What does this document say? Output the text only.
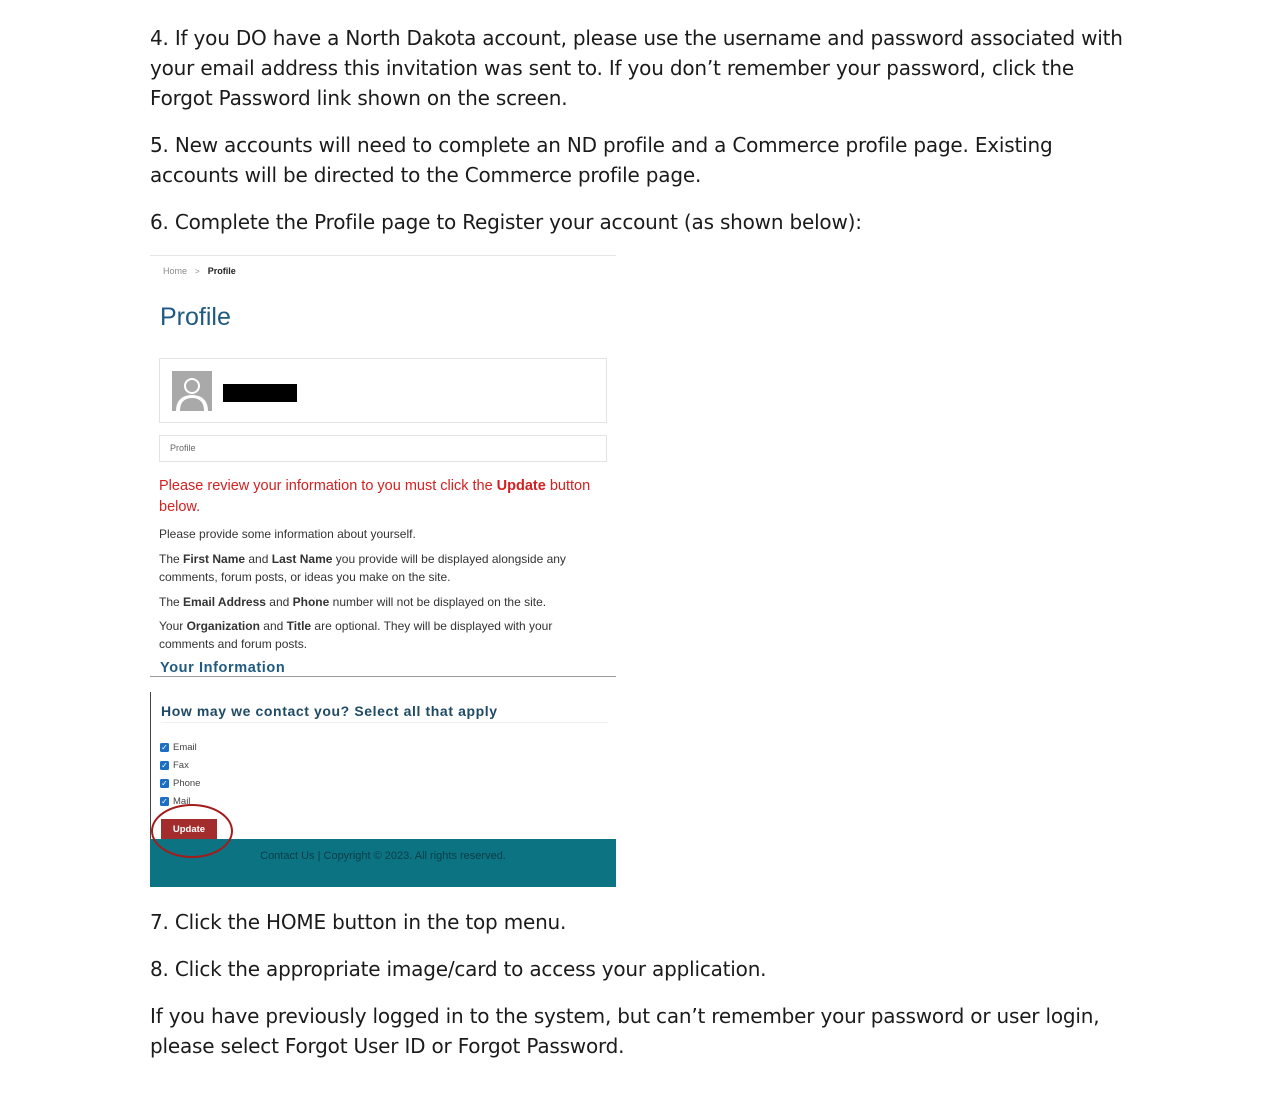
4. If you DO have a North Dakota account, please use the username and password associated with your email address this invitation was sent to. If you don’t remember your password, click the Forgot Password link shown on the screen.

5. New accounts will need to complete an ND profile and a Commerce profile page. Existing accounts will be directed to the Commerce profile page.

6. Complete the Profile page to Register your account (as shown below):

Home > Profile
Profile
Profile
Please review your information to you must click the Update button below.
Please provide some information about yourself.
The First Name and Last Name you provide will be displayed alongside any comments, forum posts, or ideas you make on the site.
The Email Address and Phone number will not be displayed on the site.
Your Organization and Title are optional. They will be displayed with your comments and forum posts.
Your Information
How may we contact you? Select all that apply
✓ Email
✓ Fax
✓ Phone
✓ Mail
Contact Us | Copyright © 2023. All rights reserved.
Update

7. Click the HOME button in the top menu.

8. Click the appropriate image/card to access your application.

If you have previously logged in to the system, but can’t remember your password or user login, please select Forgot User ID or Forgot Password.
